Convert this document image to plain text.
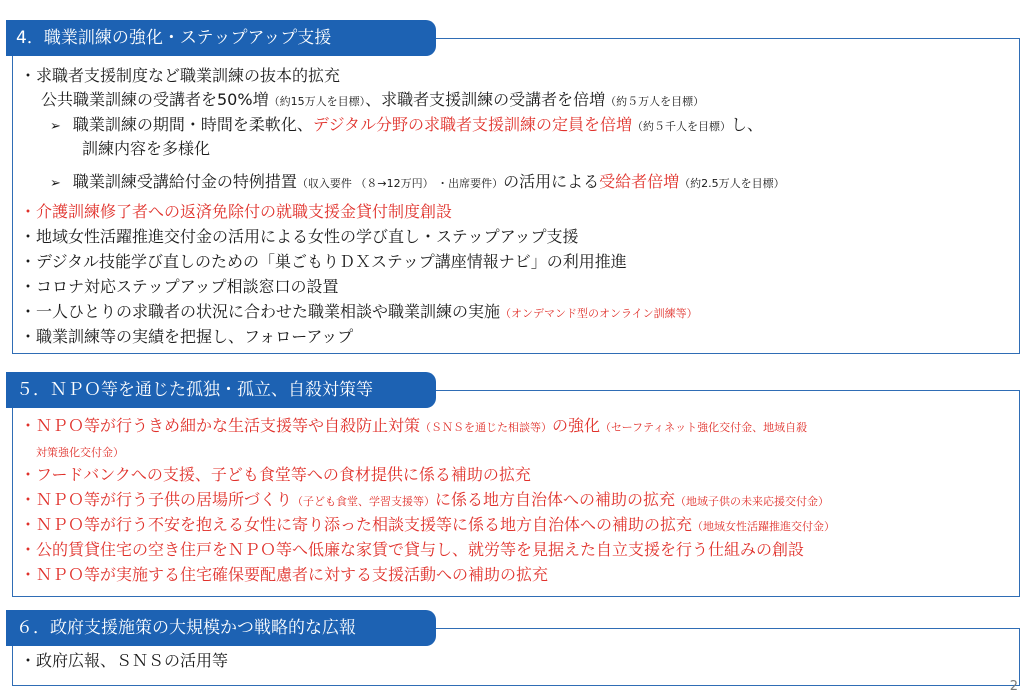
4．職業訓練の強化・ステップアップ支援
・求職者支援制度など職業訓練の抜本的拡充
公共職業訓練の受講者を50%増（約15万人を目標）、求職者支援訓練の受講者を倍増（約５万人を目標）
➢ 職業訓練の期間・時間を柔軟化、デジタル分野の求職者支援訓練の定員を倍増（約５千人を目標）し、
訓練内容を多様化
➢ 職業訓練受講給付金の特例措置（収入要件 （８→12万円） ・出席要件）の活用による受給者倍増（約2.5万人を目標）
・介護訓練修了者への返済免除付の就職支援金貸付制度創設
・地域女性活躍推進交付金の活用による女性の学び直し・ステップアップ支援
・デジタル技能学び直しのための「巣ごもりＤＸステップ講座情報ナビ」の利用推進
・コロナ対応ステップアップ相談窓口の設置
・一人ひとりの求職者の状況に合わせた職業相談や職業訓練の実施（オンデマンド型のオンライン訓練等）
・職業訓練等の実績を把握し、フォローアップ
５．ＮＰＯ等を通じた孤独・孤立、自殺対策等
・ＮＰＯ等が行うきめ細かな生活支援等や自殺防止対策（ＳＮＳを通じた相談等）の強化（セーフティネット強化交付金、地域自殺
対策強化交付金）
・フードバンクへの支援、子ども食堂等への食材提供に係る補助の拡充
・ＮＰＯ等が行う子供の居場所づくり（子ども食堂、学習支援等）に係る地方自治体への補助の拡充（地域子供の未来応援交付金）
・ＮＰＯ等が行う不安を抱える女性に寄り添った相談支援等に係る地方自治体への補助の拡充（地域女性活躍推進交付金）
・公的賃貸住宅の空き住戸をＮＰＯ等へ低廉な家賃で貸与し、就労等を見据えた自立支援を行う仕組みの創設
・ＮＰＯ等が実施する住宅確保要配慮者に対する支援活動への補助の拡充
６．政府支援施策の大規模かつ戦略的な広報
・政府広報、ＳＮＳの活用等
2
